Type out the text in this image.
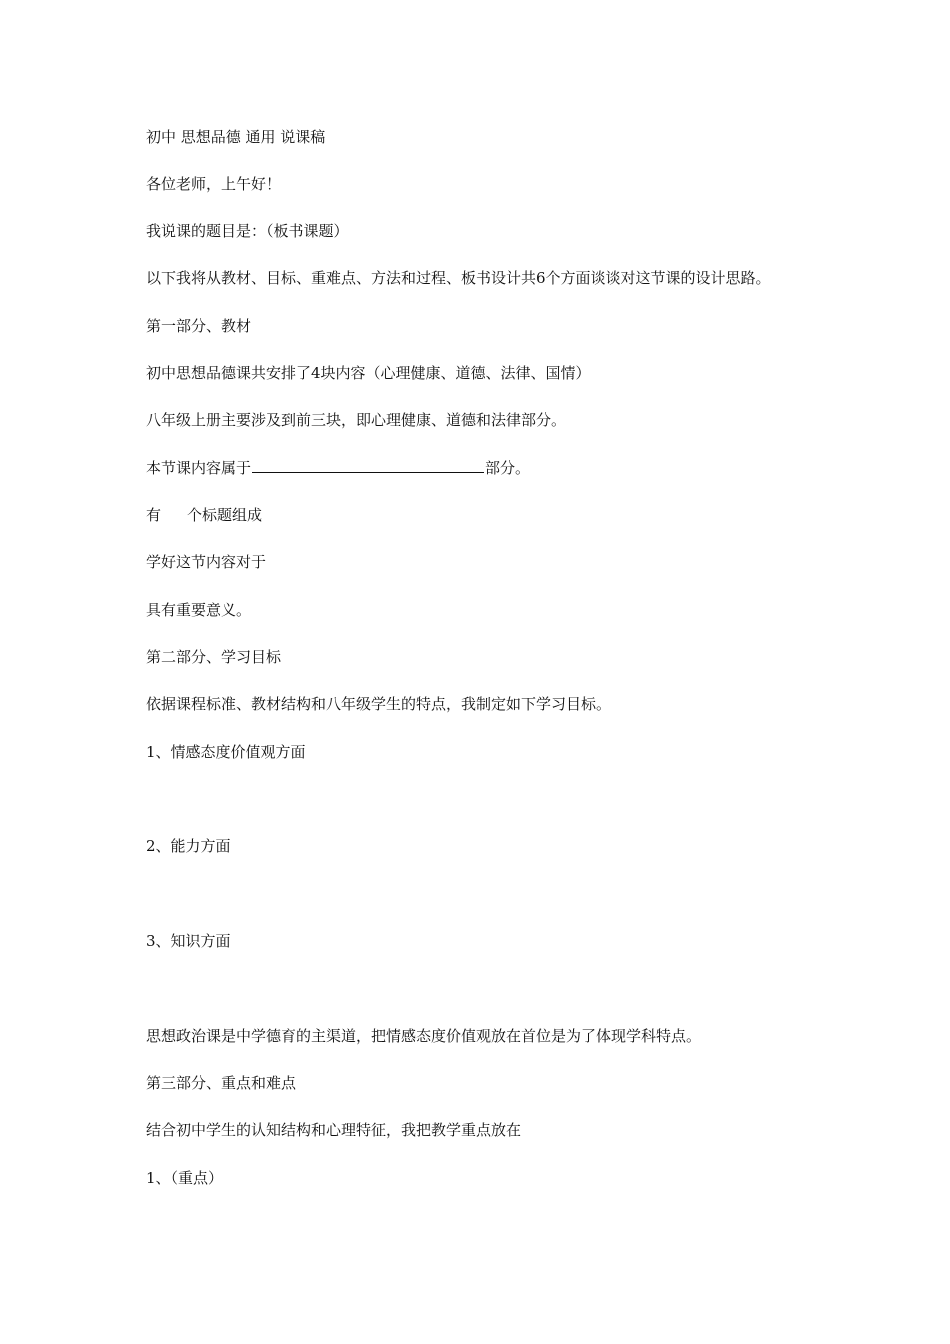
初中 思想品德 通用 说课稿
各位老师，上午好！
我说课的题目是：（板书课题）
以下我将从教材、目标、重难点、方法和过程、板书设计共6个方面谈谈对这节课的设计思路。
第一部分、教材
初中思想品德课共安排了4块内容（心理健康、道德、法律、国情）
八年级上册主要涉及到前三块，即心理健康、道德和法律部分。
本节课内容属于	部分。
有 个标题组成
学好这节内容对于
具有重要意义。
第二部分、学习目标
依据课程标准、教材结构和八年级学生的特点，我制定如下学习目标。
1、情感态度价值观方面
2、能力方面
3、知识方面
思想政治课是中学德育的主渠道，把情感态度价值观放在首位是为了体现学科特点。
第三部分、重点和难点
结合初中学生的认知结构和心理特征，我把教学重点放在
1、（重点）
